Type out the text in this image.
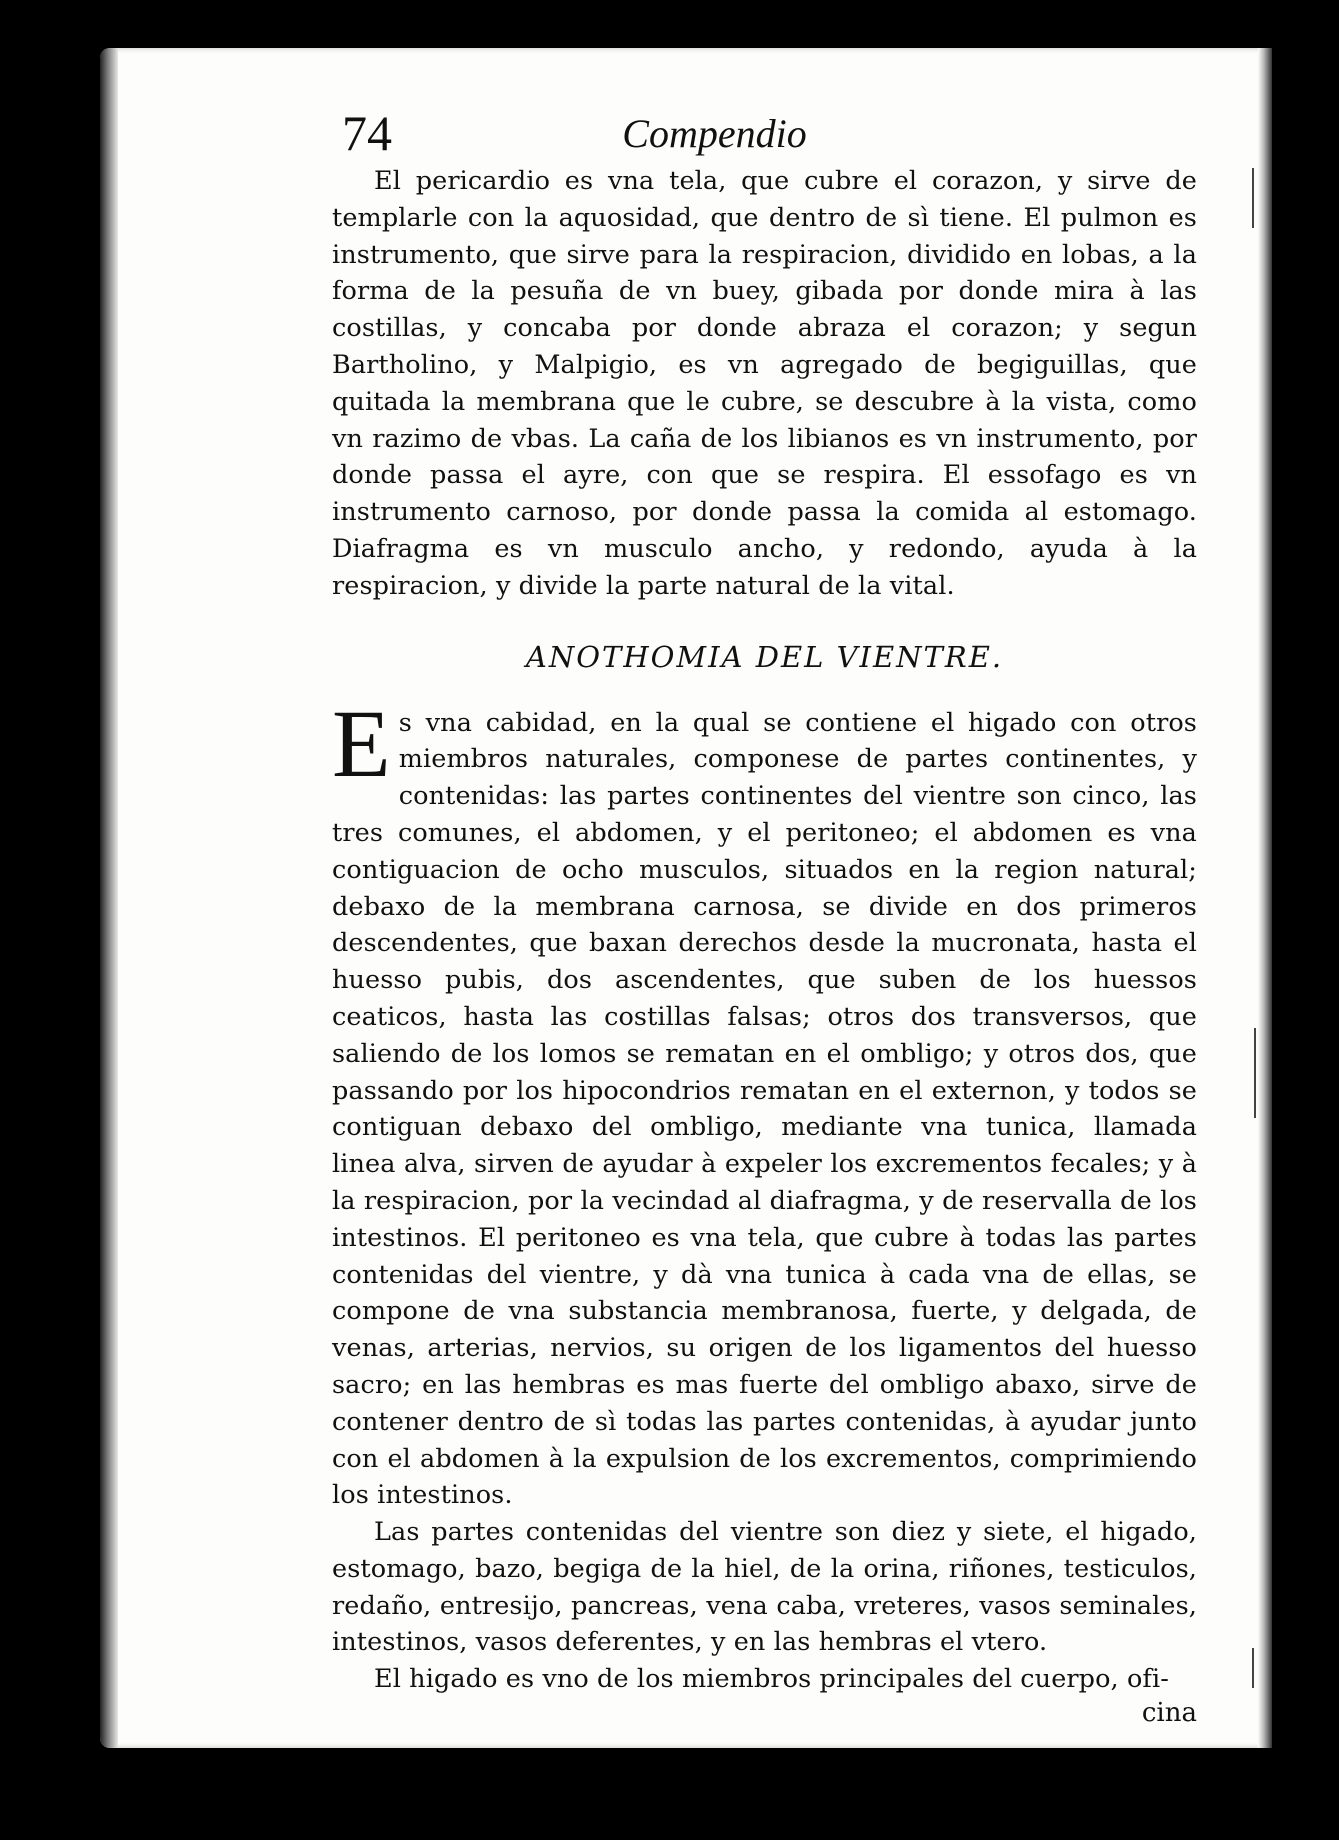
74	Compendio

El pericardio es vna tela, que cubre el corazon, y sirve de templarle con la aquosidad, que dentro de sì tiene. El pulmon es instrumento, que sirve para la respiracion, dividido en lobas, a la forma de la pesuña de vn buey, gibada por donde mira à las costillas, y concaba por donde abraza el corazon; y segun Bartholino, y Malpigio, es vn agregado de begiguillas, que quitada la membrana que le cubre, se descubre à la vista, como vn razimo de vbas. La caña de los libianos es vn instrumento, por donde passa el ayre, con que se respira. El essofago es vn instrumento carnoso, por donde passa la comida al estomago. Diafragma es vn musculo ancho, y redondo, ayuda à la respiracion, y divide la parte natural de la vital.

ANOTHOMIA DEL VIENTRE.

Es vna cabidad, en la qual se contiene el higado con otros miembros naturales, componese de partes continentes, y contenidas: las partes continentes del vientre son cinco, las tres comunes, el abdomen, y el peritoneo; el abdomen es vna contiguacion de ocho musculos, situados en la region natural; debaxo de la membrana carnosa, se divide en dos primeros descendentes, que baxan derechos desde la mucronata, hasta el huesso pubis, dos ascendentes, que suben de los huessos ceaticos, hasta las costillas falsas; otros dos transversos, que saliendo de los lomos se rematan en el ombligo; y otros dos, que passando por los hipocondrios rematan en el externon, y todos se contiguan debaxo del ombligo, mediante vna tunica, llamada linea alva, sirven de ayudar à expeler los excrementos fecales; y à la respiracion, por la vecindad al diafragma, y de reservalla de los intestinos. El peritoneo es vna tela, que cubre à todas las partes contenidas del vientre, y dà vna tunica à cada vna de ellas, se compone de vna substancia membranosa, fuerte, y delgada, de venas, arterias, nervios, su origen de los ligamentos del huesso sacro; en las hembras es mas fuerte del ombligo abaxo, sirve de contener dentro de sì todas las partes contenidas, à ayudar junto con el abdomen à la expulsion de los excrementos, comprimiendo los intestinos.

Las partes contenidas del vientre son diez y siete, el higado, estomago, bazo, begiga de la hiel, de la orina, riñones, testiculos, redaño, entresijo, pancreas, vena caba, vreteres, vasos seminales, intestinos, vasos deferentes, y en las hembras el vtero.

El higado es vno de los miembros principales del cuerpo, ofi-

cina
